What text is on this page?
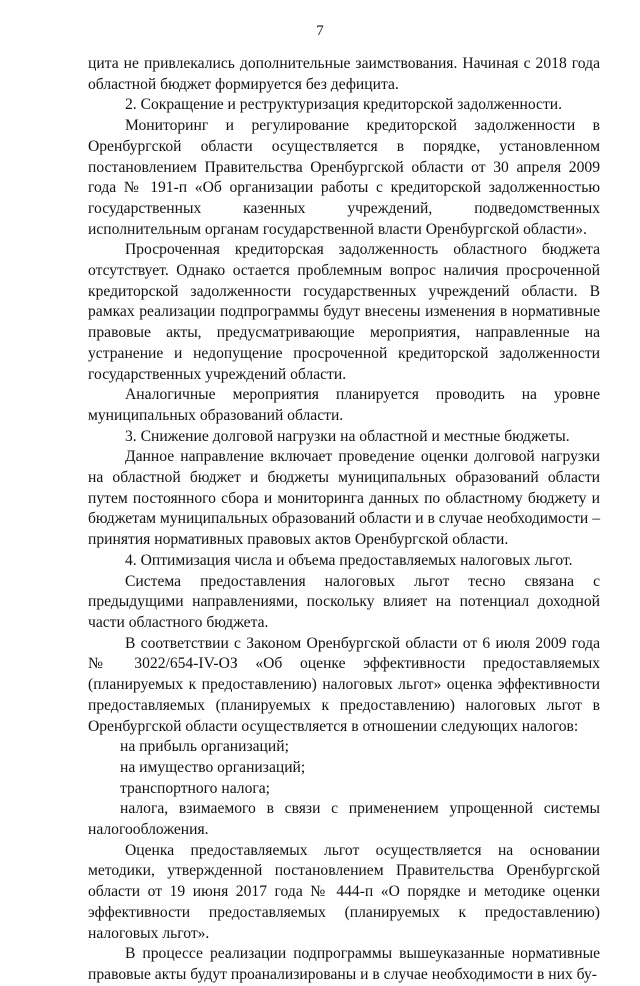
7

цита не привлекались дополнительные заимствования. Начиная с 2018 года областной бюджет формируется без дефицита.

2. Сокращение и реструктуризация кредиторской задолженности.

Мониторинг и регулирование кредиторской задолженности в Оренбургской области осуществляется в порядке, установленном постановлением Правительства Оренбургской области от 30 апреля 2009 года № 191-п «Об организации работы с кредиторской задолженностью государственных казенных учреждений, подведомственных исполнительным органам государственной власти Оренбургской области».

Просроченная кредиторская задолженность областного бюджета отсутствует. Однако остается проблемным вопрос наличия просроченной кредиторской задолженности государственных учреждений области. В рамках реализации подпрограммы будут внесены изменения в нормативные правовые акты, предусматривающие мероприятия, направленные на устранение и недопущение просроченной кредиторской задолженности государственных учреждений области.

Аналогичные мероприятия планируется проводить на уровне муниципальных образований области.

3. Снижение долговой нагрузки на областной и местные бюджеты.

Данное направление включает проведение оценки долговой нагрузки на областной бюджет и бюджеты муниципальных образований области путем постоянного сбора и мониторинга данных по областному бюджету и бюджетам муниципальных образований области и в случае необходимости – принятия нормативных правовых актов Оренбургской области.

4. Оптимизация числа и объема предоставляемых налоговых льгот.

Система предоставления налоговых льгот тесно связана с предыдущими направлениями, поскольку влияет на потенциал доходной части областного бюджета.

В соответствии с Законом Оренбургской области от 6 июля 2009 года № 3022/654-IV-ОЗ «Об оценке эффективности предоставляемых (планируемых к предоставлению) налоговых льгот» оценка эффективности предоставляемых (планируемых к предоставлению) налоговых льгот в Оренбургской области осуществляется в отношении следующих налогов:

на прибыль организаций;

на имущество организаций;

транспортного налога;

налога, взимаемого в связи с применением упрощенной системы налогообложения.

Оценка предоставляемых льгот осуществляется на основании методики, утвержденной постановлением Правительства Оренбургской области от 19 июня 2017 года № 444-п «О порядке и методике оценки эффективности предоставляемых (планируемых к предоставлению) налоговых льгот».

В процессе реализации подпрограммы вышеуказанные нормативные правовые акты будут проанализированы и в случае необходимости в них бу-
